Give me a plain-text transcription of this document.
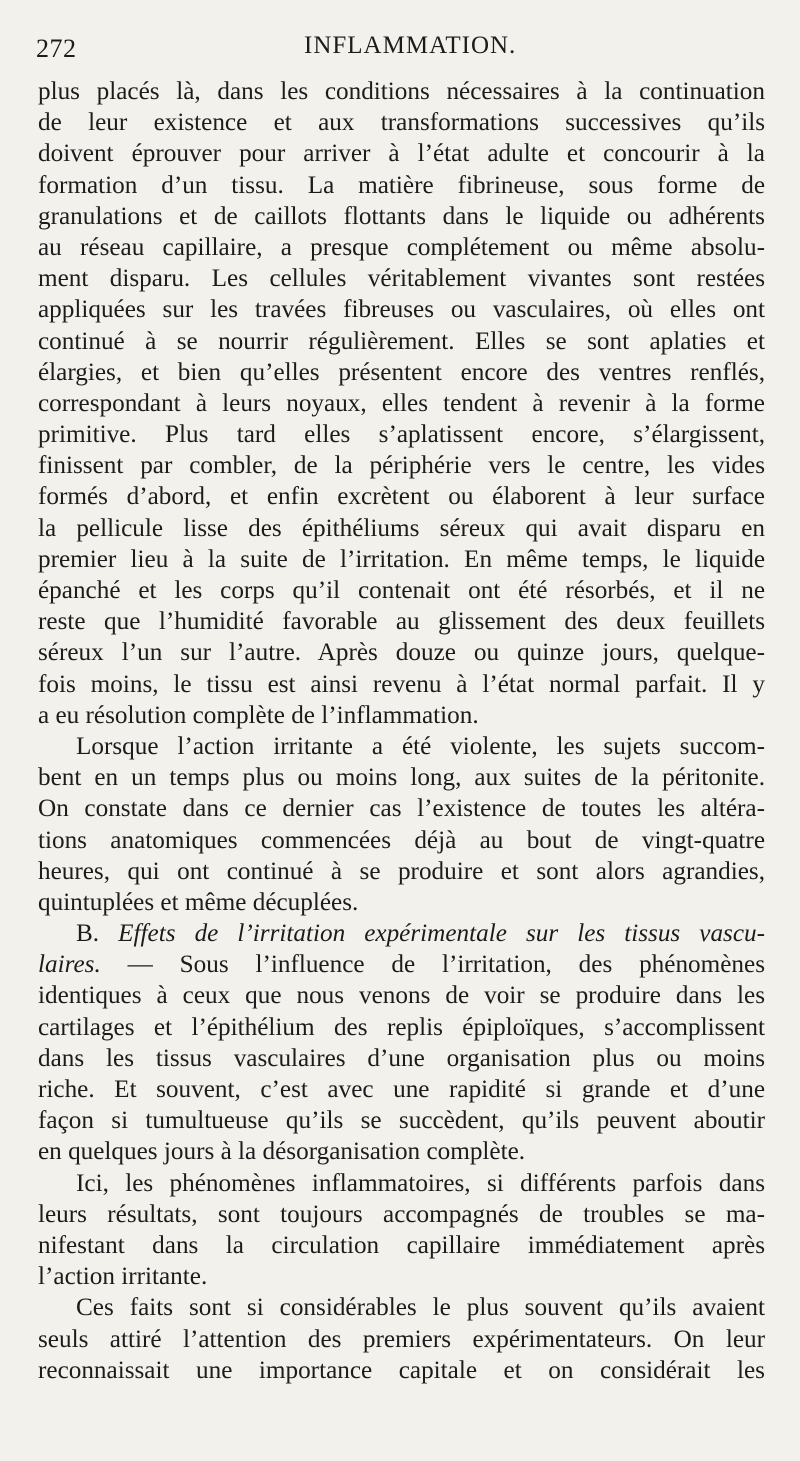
272	INFLAMMATION.
plus placés là, dans les conditions nécessaires à la continuation
de leur existence et aux transformations successives qu’ils
doivent éprouver pour arriver à l’état adulte et concourir à la
formation d’un tissu. La matière fibrineuse, sous forme de
granulations et de caillots flottants dans le liquide ou adhérents
au réseau capillaire, a presque complétement ou même absolu-
ment disparu. Les cellules véritablement vivantes sont restées
appliquées sur les travées fibreuses ou vasculaires, où elles ont
continué à se nourrir régulièrement. Elles se sont aplaties et
élargies, et bien qu’elles présentent encore des ventres renflés,
correspondant à leurs noyaux, elles tendent à revenir à la forme
primitive. Plus tard elles s’aplatissent encore, s’élargissent,
finissent par combler, de la périphérie vers le centre, les vides
formés d’abord, et enfin excrètent ou élaborent à leur surface
la pellicule lisse des épithéliums séreux qui avait disparu en
premier lieu à la suite de l’irritation. En même temps, le liquide
épanché et les corps qu’il contenait ont été résorbés, et il ne
reste que l’humidité favorable au glissement des deux feuillets
séreux l’un sur l’autre. Après douze ou quinze jours, quelque-
fois moins, le tissu est ainsi revenu à l’état normal parfait. Il y
a eu résolution complète de l’inflammation.
Lorsque l’action irritante a été violente, les sujets succom-
bent en un temps plus ou moins long, aux suites de la péritonite.
On constate dans ce dernier cas l’existence de toutes les altéra-
tions anatomiques commencées déjà au bout de vingt-quatre
heures, qui ont continué à se produire et sont alors agrandies,
quintuplées et même décuplées.
B. Effets de l’irritation expérimentale sur les tissus vascu-
laires. — Sous l’influence de l’irritation, des phénomènes
identiques à ceux que nous venons de voir se produire dans les
cartilages et l’épithélium des replis épiploïques, s’accomplissent
dans les tissus vasculaires d’une organisation plus ou moins
riche. Et souvent, c’est avec une rapidité si grande et d’une
façon si tumultueuse qu’ils se succèdent, qu’ils peuvent aboutir
en quelques jours à la désorganisation complète.
Ici, les phénomènes inflammatoires, si différents parfois dans
leurs résultats, sont toujours accompagnés de troubles se ma-
nifestant dans la circulation capillaire immédiatement après
l’action irritante.
Ces faits sont si considérables le plus souvent qu’ils avaient
seuls attiré l’attention des premiers expérimentateurs. On leur
reconnaissait une importance capitale et on considérait les
